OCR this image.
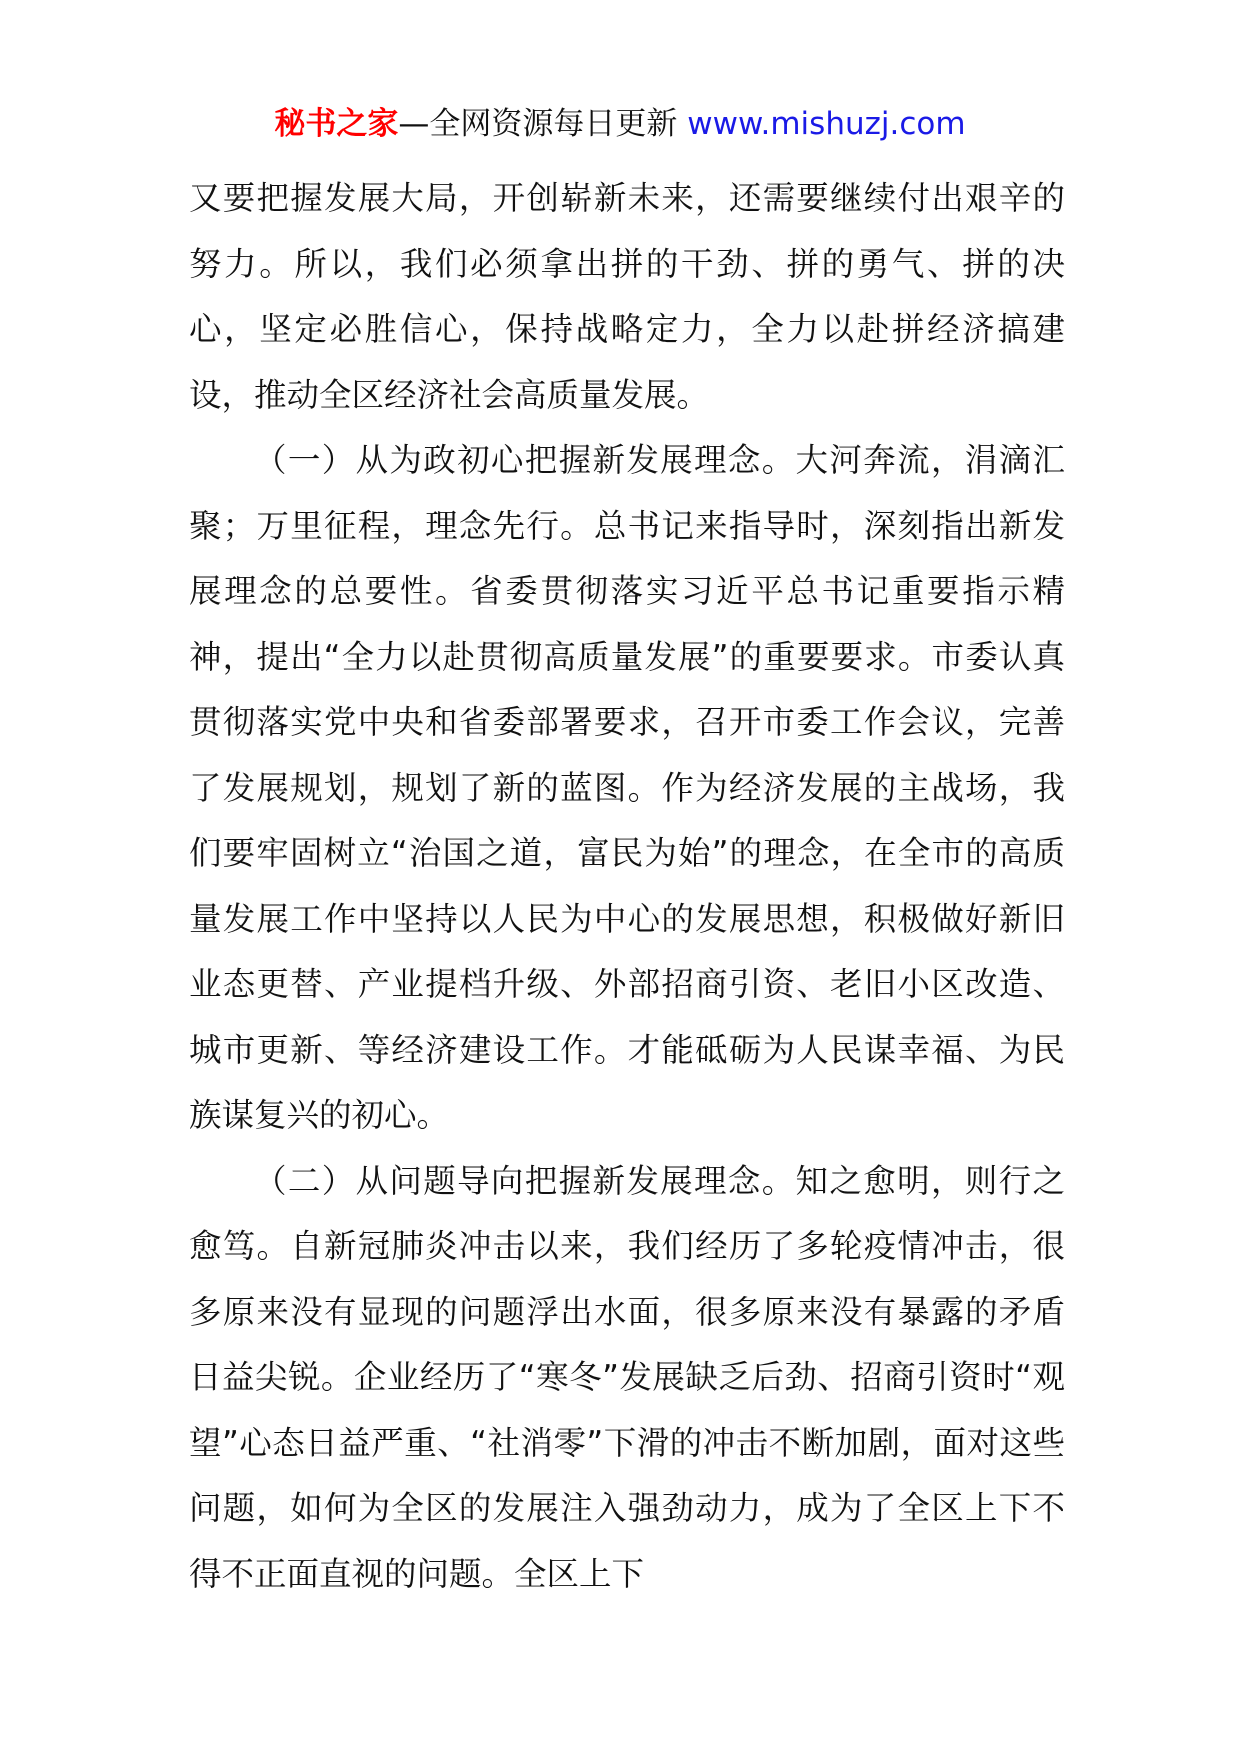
秘书之家—全网资源每日更新 www.mishuzj.com

又要把握发展大局，开创崭新未来，还需要继续付出艰辛的努力。所以，我们必须拿出拼的干劲、拼的勇气、拼的决心，坚定必胜信心，保持战略定力，全力以赴拼经济搞建设，推动全区经济社会高质量发展。

（一）从为政初心把握新发展理念。大河奔流，涓滴汇聚；万里征程，理念先行。总书记来指导时，深刻指出新发展理念的总要性。省委贯彻落实习近平总书记重要指示精神，提出“全力以赴贯彻高质量发展”的重要要求。市委认真贯彻落实党中央和省委部署要求，召开市委工作会议，完善了发展规划，规划了新的蓝图。作为经济发展的主战场，我们要牢固树立“治国之道，富民为始”的理念，在全市的高质量发展工作中坚持以人民为中心的发展思想，积极做好新旧业态更替、产业提档升级、外部招商引资、老旧小区改造、城市更新、等经济建设工作。才能砥砺为人民谋幸福、为民族谋复兴的初心。

（二）从问题导向把握新发展理念。知之愈明，则行之愈笃。自新冠肺炎冲击以来，我们经历了多轮疫情冲击，很多原来没有显现的问题浮出水面，很多原来没有暴露的矛盾日益尖锐。企业经历了“寒冬”发展缺乏后劲、招商引资时“观望”心态日益严重、“社消零”下滑的冲击不断加剧，面对这些问题，如何为全区的发展注入强劲动力，成为了全区上下不得不正面直视的问题。全区上下
